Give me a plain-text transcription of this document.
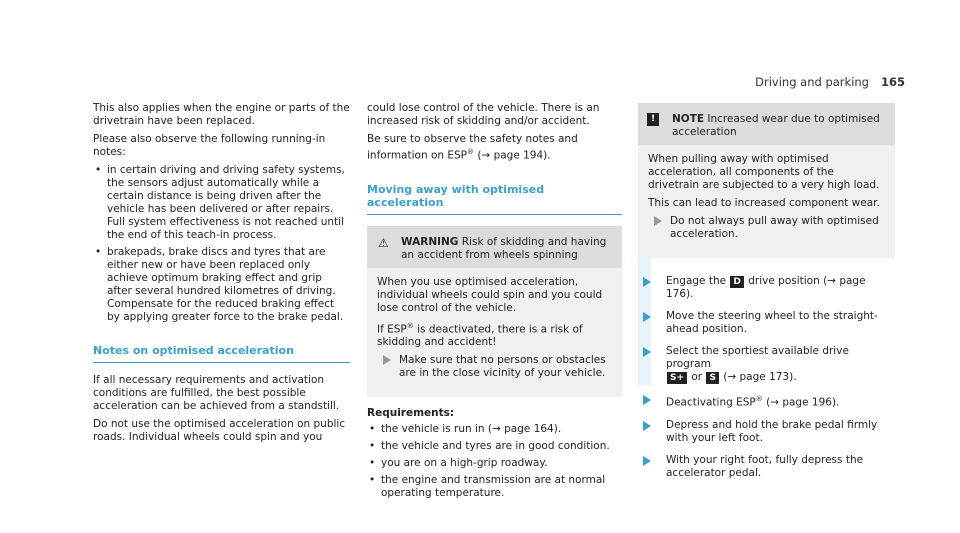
Driving and parking 165

This also applies when the engine or parts of the drivetrain have been replaced.

Please also observe the following running-in notes:

• in certain driving and driving safety systems, the sensors adjust automatically while a certain distance is being driven after the vehicle has been delivered or after repairs. Full system effectiveness is not reached until the end of this teach-in process.
• brakepads, brake discs and tyres that are either new or have been replaced only achieve optimum braking effect and grip after several hundred kilometres of driving. Compensate for the reduced braking effect by applying greater force to the brake pedal.
Notes on optimised acceleration

If all necessary requirements and activation conditions are fulfilled, the best possible acceleration can be achieved from a standstill.

Do not use the optimised acceleration on public roads. Individual wheels could spin and you

could lose control of the vehicle. There is an increased risk of skidding and/or accident.

Be sure to observe the safety notes and information on ESP® (→ page 194).

Moving away with optimised acceleration
⚠ WARNING Risk of skidding and having an accident from wheels spinning

When you use optimised acceleration, individual wheels could spin and you could lose control of the vehicle.

If ESP® is deactivated, there is a risk of skidding and accident!

Make sure that no persons or obstacles are in the close vicinity of your vehicle.
Requirements:
• the vehicle is run in (→ page 164).
• the vehicle and tyres are in good condition.
• you are on a high-grip roadway.
• the engine and transmission are at normal operating temperature.
!	NOTE Increased wear due to optimised acceleration

When pulling away with optimised acceleration, all components of the drivetrain are subjected to a very high load.

This can lead to increased component wear.

Do not always pull away with optimised acceleration.
Engage the D drive position (→ page 176).
Move the steering wheel to the straight-ahead position.
Select the sportiest available drive program
S+ or S (→ page 173).
Deactivating ESP® (→ page 196).
Depress and hold the brake pedal firmly with your left foot.
With your right foot, fully depress the accelerator pedal.
